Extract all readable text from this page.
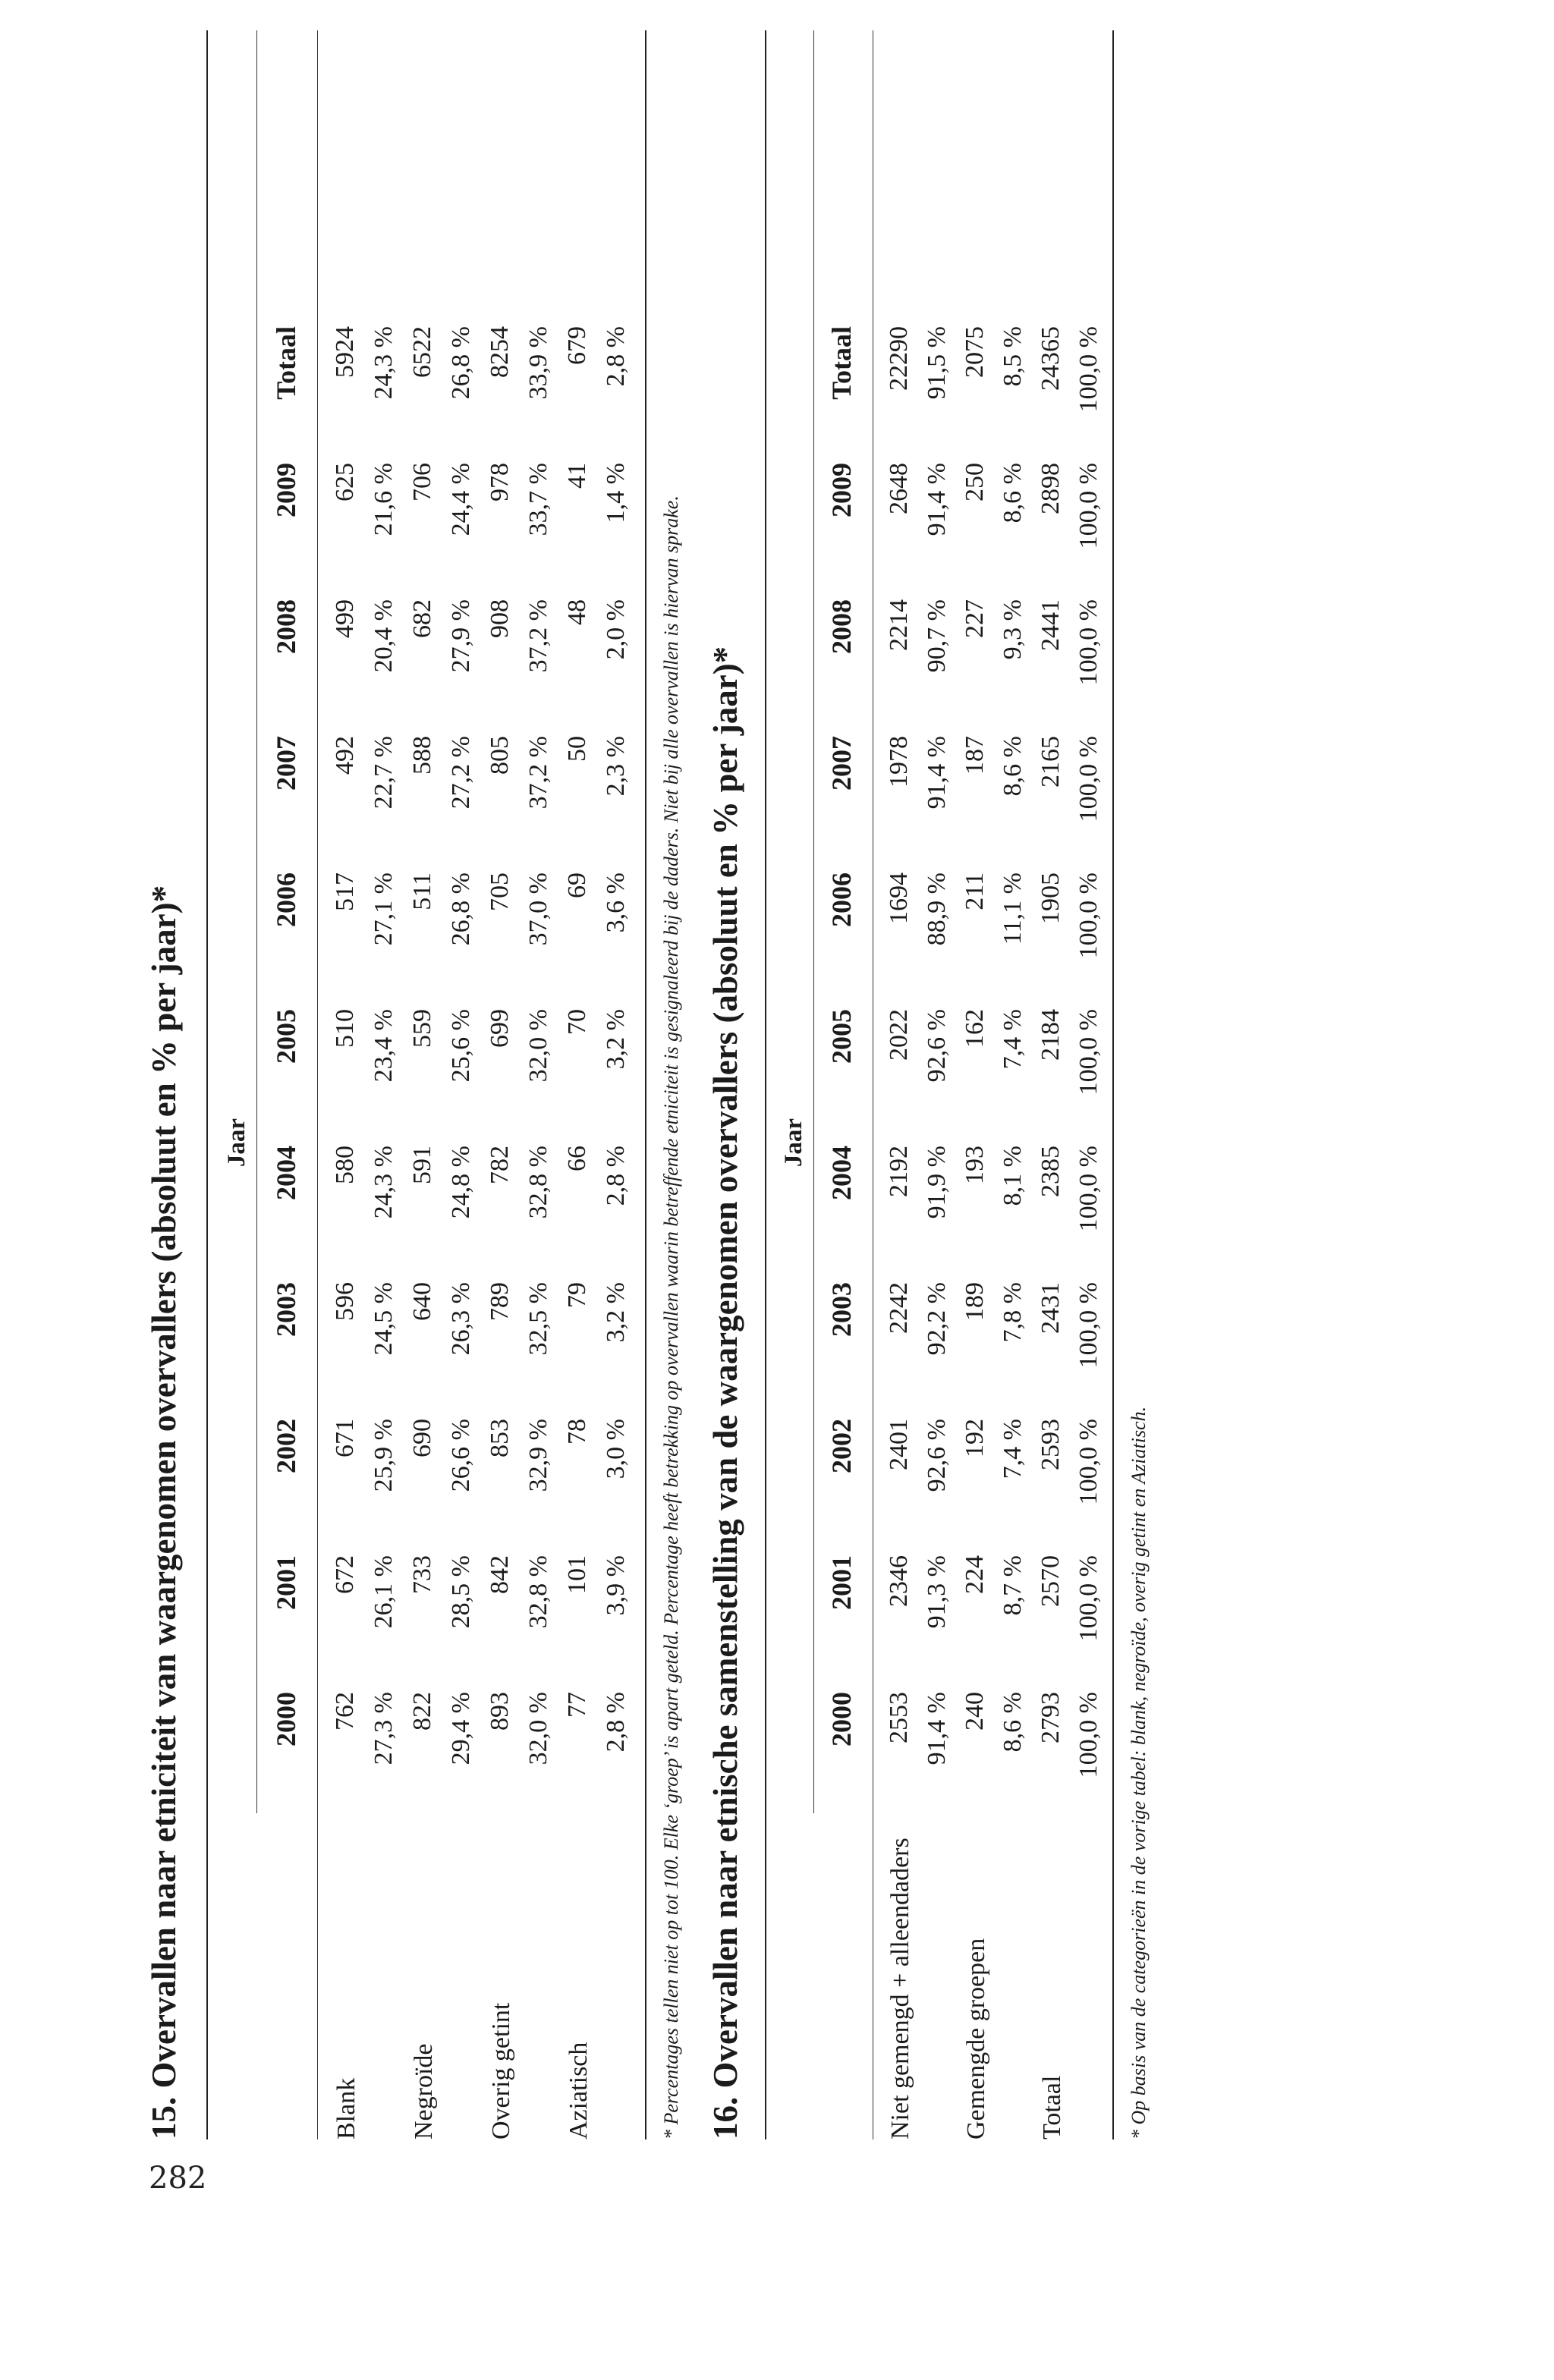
282
15. Overvallen naar etniciteit van waargenomen overvallers (absoluut en % per jaar)* Jaar
2000
2001
2002
2003
2004
2005
2006
2007
2008
2009
Totaal
Blank
762
672
671
596
580
510
517
492
499
625
5924
27,3 %
26,1 %
25,9 %
24,5 %
24,3 %
23,4 %
27,1 %
22,7 %
20,4 %
21,6 %
24,3 %
Negroïde
822
733
690
640
591
559
511
588
682
706
6522
29,4 %
28,5 %
26,6 %
26,3 %
24,8 %
25,6 %
26,8 %
27,2 %
27,9 %
24,4 %
26,8 %
Overig getint
893
842
853
789
782
699
705
805
908
978
8254
32,0 %
32,8 %
32,9 %
32,5 %
32,8 %
32,0 %
37,0 %
37,2 %
37,2 %
33,7 %
33,9 %
Aziatisch
77
101
78
79
66
70
69
50
48
41
679
2,8 %
3,9 %
3,0 %
3,2 %
2,8 %
3,2 %
3,6 %
2,3 %
2,0 %
1,4 %
2,8 %
* Percentages tellen niet op tot 100. Elke ‘groep’ is apart geteld. Percentage heeft betrekking op overvallen waarin betreffende etniciteit is gesignaleerd bij de daders. Niet bij alle overvallen is hiervan sprake. 16. Overvallen naar etnische samenstelling van de waargenomen overvallers (absoluut en % per jaar)* Jaar
2000
2001
2002
2003
2004
2005
2006
2007
2008
2009
Totaal
Niet gemengd + alleendaders
2553
2346
2401
2242
2192
2022
1694
1978
2214
2648
22290
91,4 %
91,3 %
92,6 %
92,2 %
91,9 %
92,6 %
88,9 %
91,4 %
90,7 %
91,4 %
91,5 %
Gemengde groepen
240
224
192
189
193
162
211
187
227
250
2075
8,6 %
8,7 %
7,4 %
7,8 %
8,1 %
7,4 %
11,1 %
8,6 %
9,3 %
8,6 %
8,5 %
Totaal
2793
2570
2593
2431
2385
2184
1905
2165
2441
2898
24365
100,0 %
100,0 %
100,0 %
100,0 %
100,0 %
100,0 %
100,0 %
100,0 %
100,0 %
100,0 %
100,0 %
* Op basis van de categorieën in de vorige tabel: blank, negroïde, overig getint en Aziatisch.
